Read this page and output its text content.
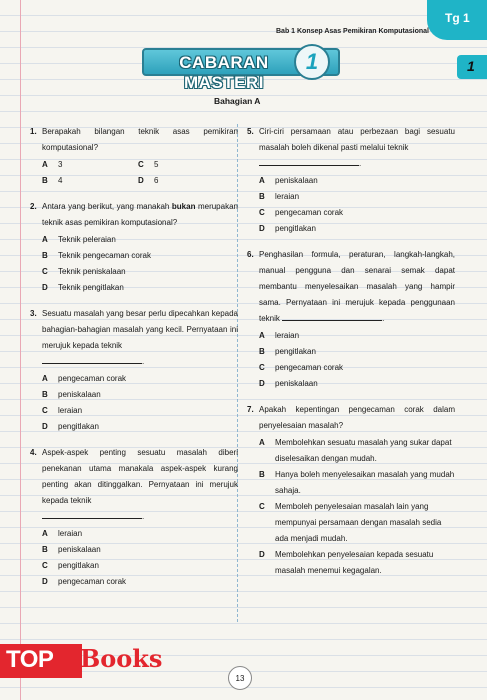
Tg 1
Bab 1 Konsep Asas Pemikiran Komputasional
CABARAN MASTERI
1	1
Bahagian A
1. Berapakah bilangan teknik asas pemikiran komputasional?
A 3	C 5
B 4	D 6
2. Antara yang berikut, yang manakah bukan merupakan teknik asas pemikiran komputasional?
A Teknik peleraian
B Teknik pengecaman corak
C Teknik peniskalaan
D Teknik pengitlakan
3. Sesuatu masalah yang besar perlu dipecahkan kepada bahagian-bahagian masalah yang kecil. Pernyataan ini merujuk kepada teknik
.
A pengecaman corak
B peniskalaan
C leraian
D pengitlakan
4. Aspek-aspek penting sesuatu masalah diberi penekanan utama manakala aspek-aspek kurang penting akan ditinggalkan. Pernyataan ini merujuk kepada teknik
.
A leraian
B peniskalaan
C pengitlakan
D pengecaman corak
5. Ciri-ciri persamaan atau perbezaan bagi sesuatu masalah boleh dikenal pasti melalui teknik
.
A peniskalaan
B leraian
C pengecaman corak
D pengitlakan
6. Penghasilan formula, peraturan, langkah-langkah, manual pengguna dan senarai semak dapat membantu menyelesaikan masalah yang hampir sama. Pernyataan ini merujuk kepada penggunaan teknik	.
A leraian
B pengitlakan
C pengecaman corak
D peniskalaan
7. Apakah kepentingan pengecaman corak dalam penyelesaian masalah?
A Membolehkan sesuatu masalah yang sukar dapat diselesaikan dengan mudah.
B Hanya boleh menyelesaikan masalah yang mudah sahaja.
C Memboleh penyelesaian masalah lain yang mempunyai persamaan dengan masalah sedia ada menjadi mudah.
D Membolehkan penyelesaian kepada sesuatu masalah menemui kegagalan.
TOP	Books
13
